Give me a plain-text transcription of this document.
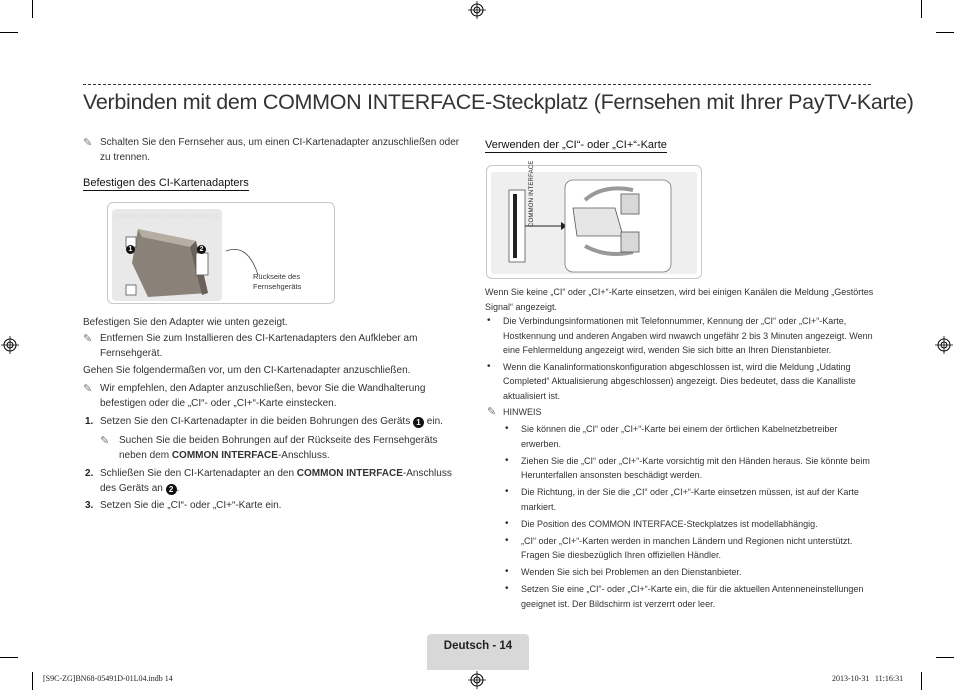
Verbinden mit dem COMMON INTERFACE-Steckplatz (Fernsehen mit Ihrer PayTV-Karte)
✎ Schalten Sie den Fernseher aus, um einen CI-Kartenadapter anzuschließen oder
zu trennen.
Befestigen des CI-Kartenadapters
1	2
Rückseite des
Fernsehgeräts
Befestigen Sie den Adapter wie unten gezeigt.
✎ Entfernen Sie zum Installieren des CI-Kartenadapters den Aufkleber am
Fernsehgerät.
Gehen Sie folgendermaßen vor, um den CI-Kartenadapter anzuschließen.
✎ Wir empfehlen, den Adapter anzuschließen, bevor Sie die Wandhalterung
befestigen oder die „CI“- oder „CI+“-Karte einstecken.
1. Setzen Sie den CI-Kartenadapter in die beiden Bohrungen des Geräts 1 ein.
✎ Suchen Sie die beiden Bohrungen auf der Rückseite des Fernsehgeräts
neben dem COMMON INTERFACE-Anschluss.
2. Schließen Sie den CI-Kartenadapter an den COMMON INTERFACE-Anschluss
des Geräts an 2 .
3. Setzen Sie die „CI“- oder „CI+“-Karte ein.
Verwenden der „CI“- oder „CI+“-Karte
COMMON INTERFACE
Wenn Sie keine „CI“ oder „CI+“-Karte einsetzen, wird bei einigen Kanälen die Meldung „Gestörtes
Signal“ angezeigt.
• Die Verbindungsinformationen mit Telefonnummer, Kennung der „CI“ oder „CI+“-Karte,
Hostkennung und anderen Angaben wird nwawch ungefähr 2 bis 3 Minuten angezeigt. Wenn
eine Fehlermeldung angezeigt wird, wenden Sie sich bitte an Ihren Dienstanbieter.
• Wenn die Kanalinformationskonfiguration abgeschlossen ist, wird die Meldung „Udating
Completed“ Aktualisierung abgeschlossen) angezeigt. Dies bedeutet, dass die Kanalliste
aktualisiert ist.
✎ HINWEIS
• Sie können die „CI“ oder „CI+“-Karte bei einem der örtlichen Kabelnetzbetreiber
erwerben.
• Ziehen Sie die „CI“ oder „CI+“-Karte vorsichtig mit den Händen heraus. Sie könnte beim
Herunterfallen ansonsten beschädigt werden.
• Die Richtung, in der Sie die „CI“ oder „CI+“-Karte einsetzen müssen, ist auf der Karte
markiert.
• Die Position des COMMON INTERFACE-Steckplatzes ist modellabhängig.
• „CI“ oder „CI+“-Karten werden in manchen Ländern und Regionen nicht unterstützt.
Fragen Sie diesbezüglich Ihren offiziellen Händler.
• Wenden Sie sich bei Problemen an den Dienstanbieter.
• Setzen Sie eine „CI“- oder „CI+“-Karte ein, die für die aktuellen Antenneneinstellungen
geeignet ist. Der Bildschirm ist verzerrt oder leer.
Deutsch - 14
[S9C-ZG]BN68-05491D-01L04.indb 14	2013-10-31   11:16:31
